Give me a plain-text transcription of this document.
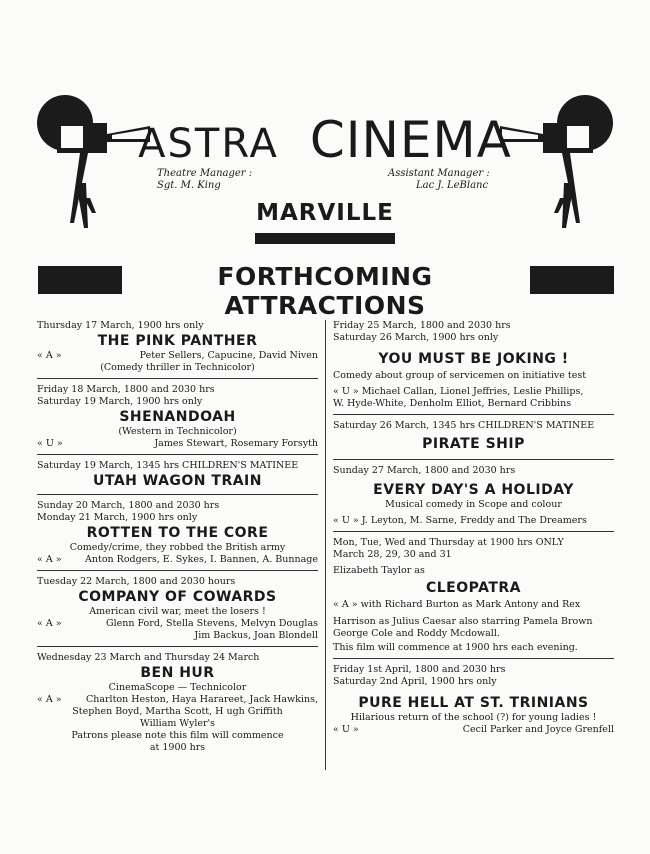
ASTRA CINEMA
Theatre Manager :
Sgt. M. King
Assistant Manager :
Lac J. LeBlanc
MARVILLE
FORTHCOMING ATTRACTIONS
Thursday 17 March, 1900 hrs only
THE PINK PANTHER
« A »	Peter Sellers, Capucine, David Niven
(Comedy thriller in Technicolor)
Friday 18 March, 1800 and 2030 hrs
Saturday 19 March, 1900 hrs only
SHENANDOAH
(Western in Technicolor)
« U »	James Stewart, Rosemary Forsyth
Saturday 19 March, 1345 hrs CHILDREN'S MATINEE
UTAH WAGON TRAIN
Sunday 20 March, 1800 and 2030 hrs
Monday 21 March, 1900 hrs only
ROTTEN TO THE CORE
Comedy/crime, they robbed the British army
« A » Anton Rodgers, E. Sykes, I. Bannen, A. Bunnage
Tuesday 22 March, 1800 and 2030 hours
COMPANY OF COWARDS
American civil war, meet the losers !
« A »	Glenn Ford, Stella Stevens, Melvyn Douglas
Jim Backus, Joan Blondell
Wednesday 23 March and Thursday 24 March
BEN HUR
CinemaScope — Technicolor
« A »	Charlton Heston, Haya Harareet, Jack Hawkins,
Stephen Boyd, Martha Scott, H ugh Griffith
William Wyler's
Patrons please note this film will commence
at 1900 hrs
Friday 25 March, 1800 and 2030 hrs
Saturday 26 March, 1900 hrs only
YOU MUST BE JOKING !
Comedy about group of servicemen on initiative test
« U » Michael Callan, Lionel Jeffries, Leslie Phillips,
W. Hyde-White, Denholm Elliot, Bernard Cribbins
Saturday 26 March, 1345 hrs CHILDREN'S MATINEE
PIRATE SHIP
Sunday 27 March, 1800 and 2030 hrs
EVERY DAY'S A HOLIDAY
Musical comedy in Scope and colour
« U » J. Leyton, M. Sarne, Freddy and The Dreamers
Mon, Tue, Wed and Thursday at 1900 hrs ONLY
March 28, 29, 30 and 31
Elizabeth Taylor as
CLEOPATRA
« A » with Richard Burton as Mark Antony and Rex
Harrison as Julius Caesar also starring Pamela Brown
George Cole and Roddy Mcdowall.
This film will commence at 1900 hrs each evening.
Friday 1st April, 1800 and 2030 hrs
Saturday 2nd April, 1900 hrs only
PURE HELL AT ST. TRINIANS
Hilarious return of the school (?) for young ladies !
« U »	Cecil Parker and Joyce Grenfell
